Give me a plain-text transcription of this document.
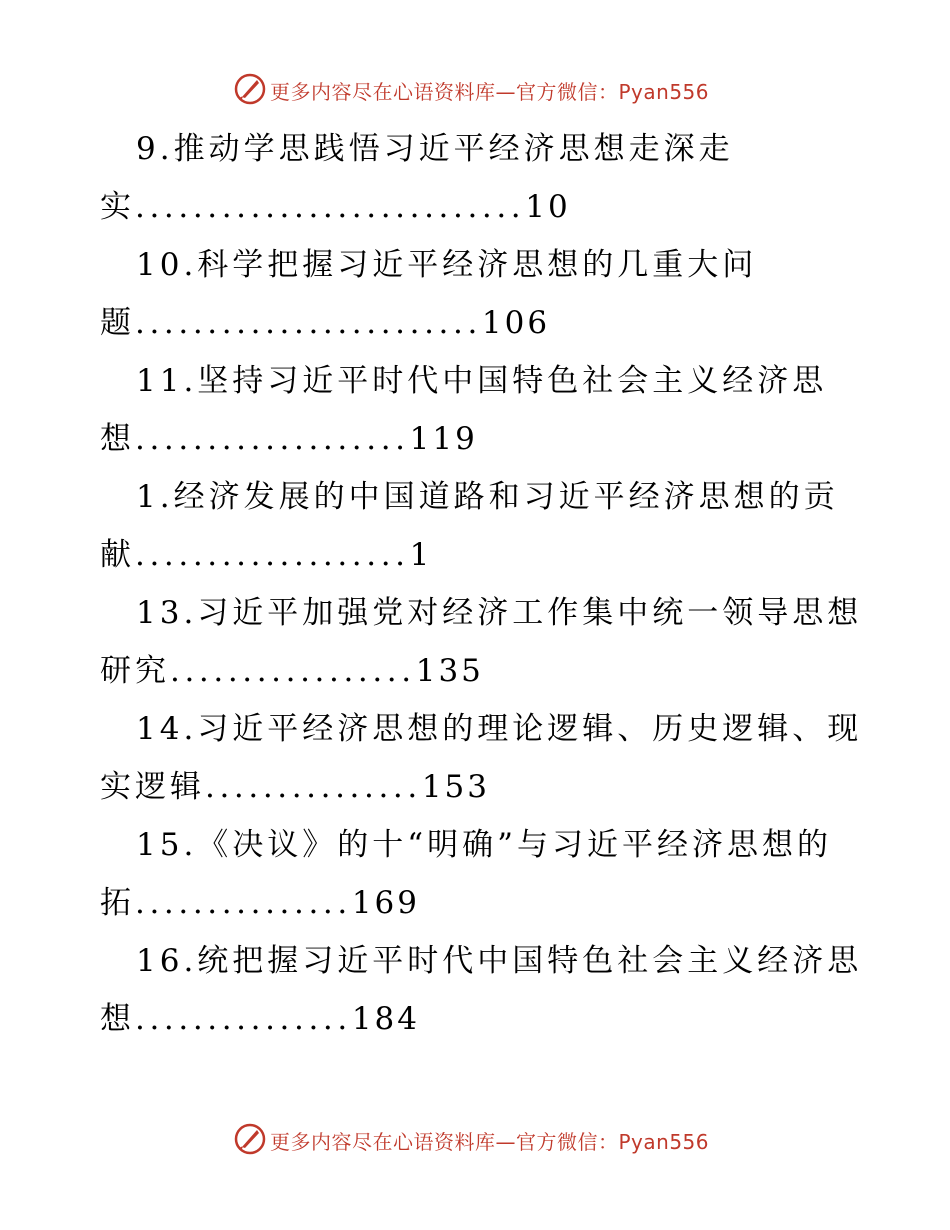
更多内容尽在心语资料库—官方微信：Pyan556
9.推动学思践悟习近平经济思想走深走
实...........................10
10.科学把握习近平经济思想的几重大问
题........................106
11.坚持习近平时代中国特色社会主义经济思
想...................119
1.经济发展的中国道路和习近平经济思想的贡
献...................1
13.习近平加强党对经济工作集中统一领导思想
研究.................135
14.习近平经济思想的理论逻辑、历史逻辑、现
实逻辑...............153
15.《决议》的十“明确”与习近平经济思想的
拓...............169
16.统把握习近平时代中国特色社会主义经济思
想...............184
更多内容尽在心语资料库—官方微信：Pyan556
